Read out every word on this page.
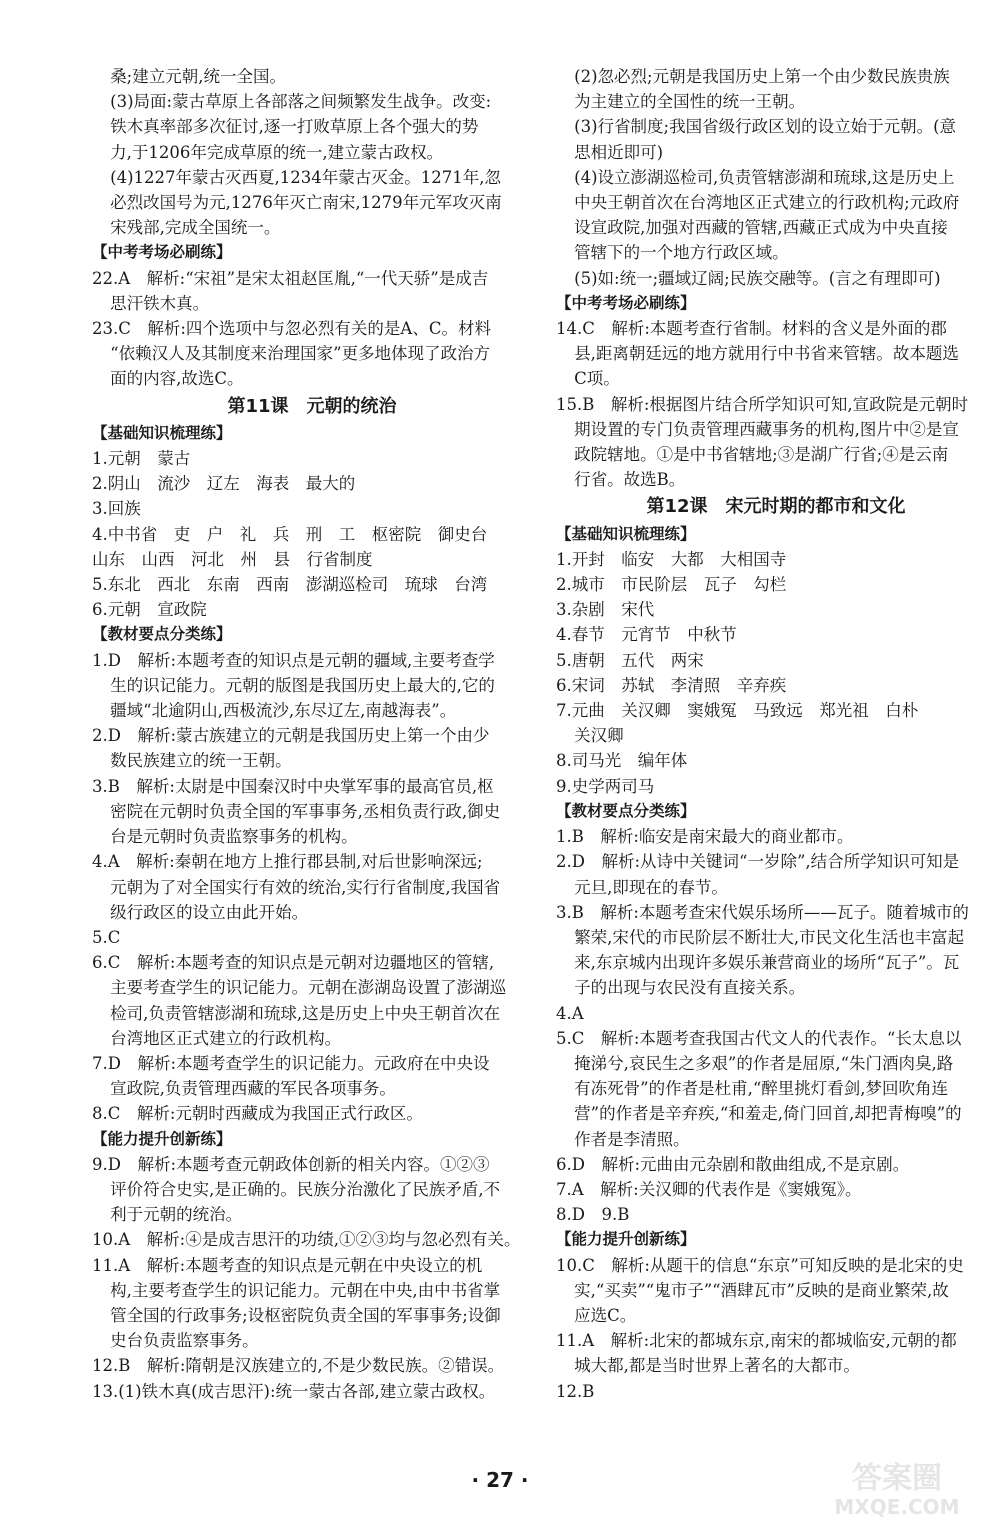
桑;建立元朝,统一全国。
(3)局面:蒙古草原上各部落之间频繁发生战争。改变:
铁木真率部多次征讨,逐一打败草原上各个强大的势
力,于1206年完成草原的统一,建立蒙古政权。
(4)1227年蒙古灭西夏,1234年蒙古灭金。1271年,忽
必烈改国号为元,1276年灭亡南宋,1279年元军攻灭南
宋残部,完成全国统一。
【中考考场必刷练】
22.A　解析:“宋祖”是宋太祖赵匡胤,“一代天骄”是成吉
思汗铁木真。
23.C　解析:四个选项中与忽必烈有关的是A、C。材料
“依赖汉人及其制度来治理国家”更多地体现了政治方
面的内容,故选C。
第11课　元朝的统治
【基础知识梳理练】
1.元朝　蒙古
2.阴山　流沙　辽左　海表　最大的
3.回族
4.中书省　吏　户　礼　兵　刑　工　枢密院　御史台
山东　山西　河北　州　县　行省制度
5.东北　西北　东南　西南　澎湖巡检司　琉球　台湾
6.元朝　宣政院
【教材要点分类练】
1.D　解析:本题考查的知识点是元朝的疆域,主要考查学
生的识记能力。元朝的版图是我国历史上最大的,它的
疆域“北逾阴山,西极流沙,东尽辽左,南越海表”。
2.D　解析:蒙古族建立的元朝是我国历史上第一个由少
数民族建立的统一王朝。
3.B　解析:太尉是中国秦汉时中央掌军事的最高官员,枢
密院在元朝时负责全国的军事事务,丞相负责行政,御史
台是元朝时负责监察事务的机构。
4.A　解析:秦朝在地方上推行郡县制,对后世影响深远;
元朝为了对全国实行有效的统治,实行行省制度,我国省
级行政区的设立由此开始。
5.C
6.C　解析:本题考查的知识点是元朝对边疆地区的管辖,
主要考查学生的识记能力。元朝在澎湖岛设置了澎湖巡
检司,负责管辖澎湖和琉球,这是历史上中央王朝首次在
台湾地区正式建立的行政机构。
7.D　解析:本题考查学生的识记能力。元政府在中央设
宣政院,负责管理西藏的军民各项事务。
8.C　解析:元朝时西藏成为我国正式行政区。
【能力提升创新练】
9.D　解析:本题考查元朝政体创新的相关内容。①②③
评价符合史实,是正确的。民族分治激化了民族矛盾,不
利于元朝的统治。
10.A　解析:④是成吉思汗的功绩,①②③均与忽必烈有关。
11.A　解析:本题考查的知识点是元朝在中央设立的机
构,主要考查学生的识记能力。元朝在中央,由中书省掌
管全国的行政事务;设枢密院负责全国的军事事务;设御
史台负责监察事务。
12.B　解析:隋朝是汉族建立的,不是少数民族。②错误。
13.(1)铁木真(成吉思汗):统一蒙古各部,建立蒙古政权。
(2)忽必烈;元朝是我国历史上第一个由少数民族贵族
为主建立的全国性的统一王朝。
(3)行省制度;我国省级行政区划的设立始于元朝。(意
思相近即可)
(4)设立澎湖巡检司,负责管辖澎湖和琉球,这是历史上
中央王朝首次在台湾地区正式建立的行政机构;元政府
设宣政院,加强对西藏的管辖,西藏正式成为中央直接
管辖下的一个地方行政区域。
(5)如:统一;疆域辽阔;民族交融等。(言之有理即可)
【中考考场必刷练】
14.C　解析:本题考查行省制。材料的含义是外面的郡
县,距离朝廷远的地方就用行中书省来管辖。故本题选
C项。
15.B　解析:根据图片结合所学知识可知,宣政院是元朝时
期设置的专门负责管理西藏事务的机构,图片中②是宣
政院辖地。①是中书省辖地;③是湖广行省;④是云南
行省。故选B。
第12课　宋元时期的都市和文化
【基础知识梳理练】
1.开封　临安　大都　大相国寺
2.城市　市民阶层　瓦子　勾栏
3.杂剧　宋代
4.春节　元宵节　中秋节
5.唐朝　五代　两宋
6.宋词　苏轼　李清照　辛弃疾
7.元曲　关汉卿　窦娥冤　马致远　郑光祖　白朴
关汉卿
8.司马光　编年体
9.史学两司马
【教材要点分类练】
1.B　解析:临安是南宋最大的商业都市。
2.D　解析:从诗中关键词“一岁除”,结合所学知识可知是
元旦,即现在的春节。
3.B　解析:本题考查宋代娱乐场所——瓦子。随着城市的
繁荣,宋代的市民阶层不断壮大,市民文化生活也丰富起
来,东京城内出现许多娱乐兼营商业的场所“瓦子”。瓦
子的出现与农民没有直接关系。
4.A
5.C　解析:本题考查我国古代文人的代表作。“长太息以
掩涕兮,哀民生之多艰”的作者是屈原,“朱门酒肉臭,路
有冻死骨”的作者是杜甫,“醉里挑灯看剑,梦回吹角连
营”的作者是辛弃疾,“和羞走,倚门回首,却把青梅嗅”的
作者是李清照。
6.D　解析:元曲由元杂剧和散曲组成,不是京剧。
7.A　解析:关汉卿的代表作是《窦娥冤》。
8.D　9.B
【能力提升创新练】
10.C　解析:从题干的信息“东京”可知反映的是北宋的史
实,“买卖”“鬼市子”“酒肆瓦市”反映的是商业繁荣,故
应选C。
11.A　解析:北宋的都城东京,南宋的都城临安,元朝的都
城大都,都是当时世界上著名的大都市。
12.B
· 27 ·	答案圈
MXQE.COM
